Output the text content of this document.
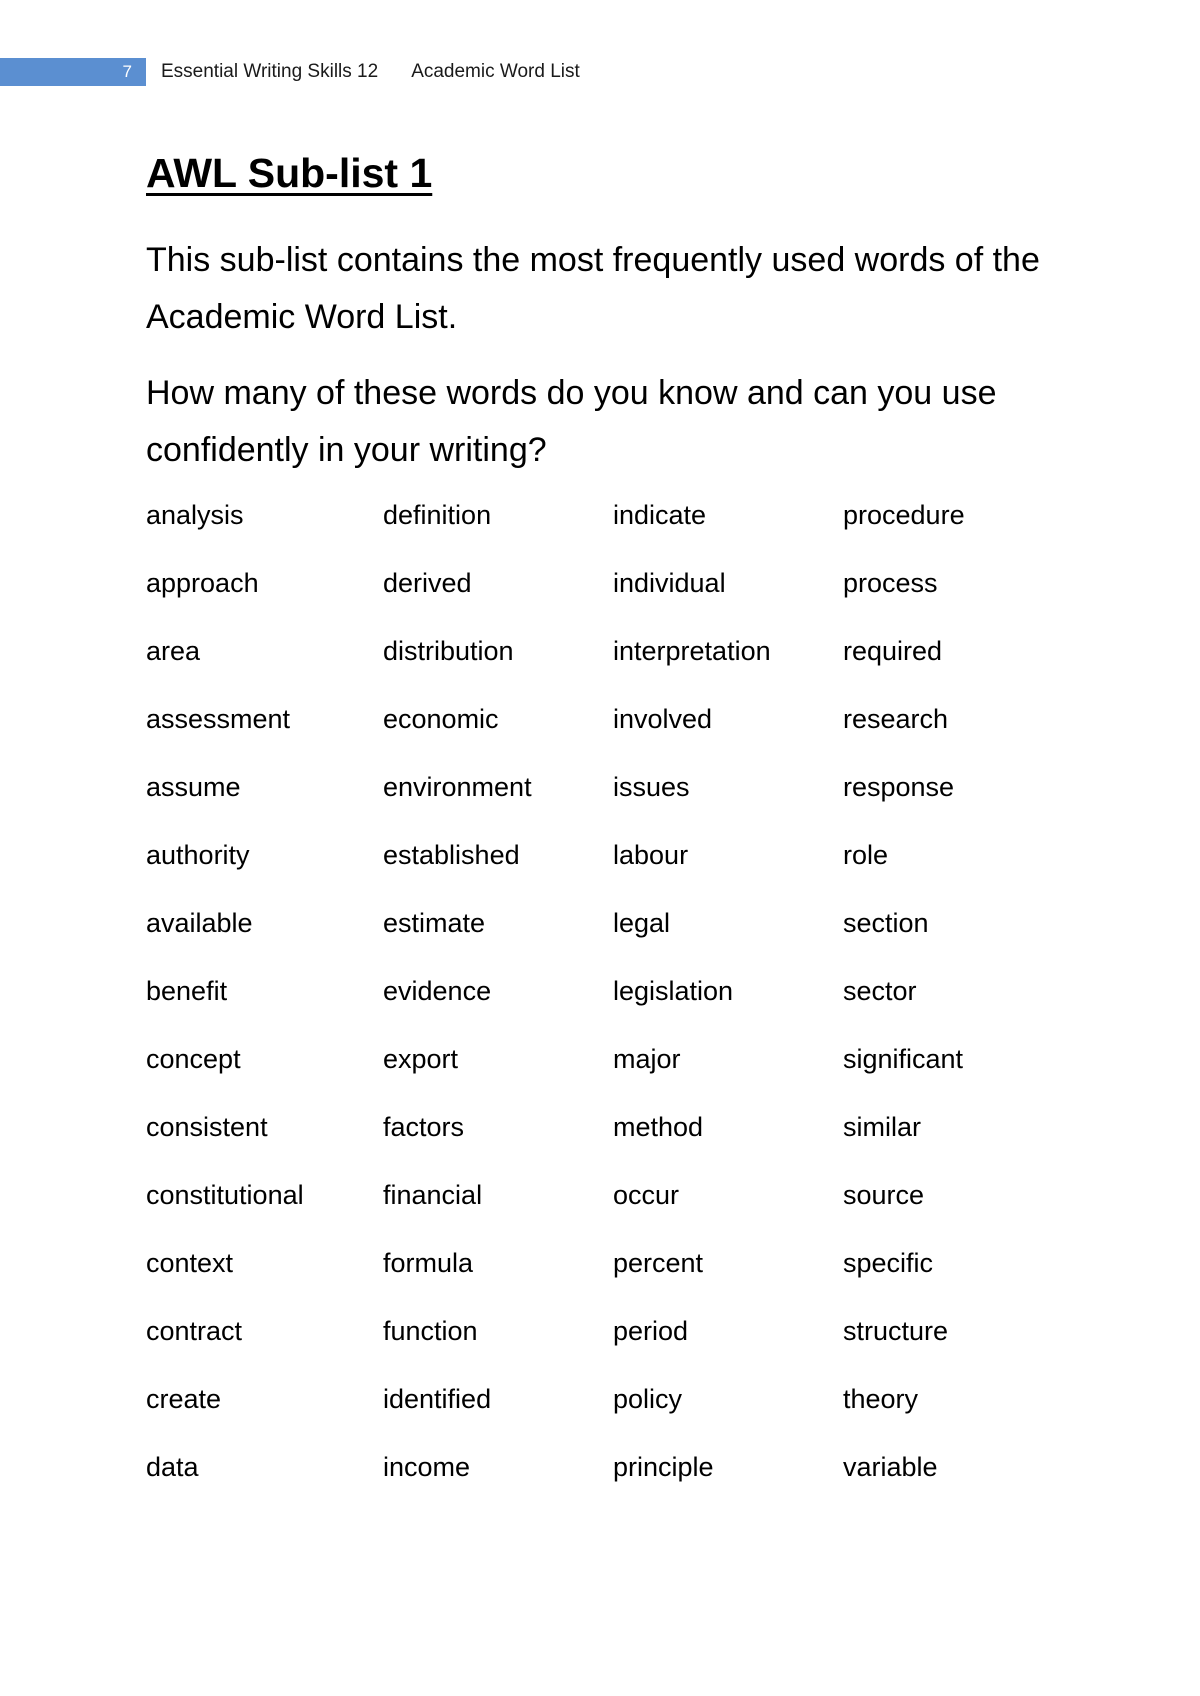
7	Essential Writing Skills 12 Academic Word List
AWL Sub-list 1

This sub-list contains the most frequently used words of the Academic Word List.

How many of these words do you know and can you use confidently in your writing?

analysis	definition	indicate	procedure
approach	derived	individual	process
area	distribution	interpretation	required
assessment	economic	involved	research
assume	environment	issues	response
authority	established	labour	role
available	estimate	legal	section
benefit	evidence	legislation	sector
concept	export	major	significant
consistent	factors	method	similar
constitutional	financial	occur	source
context	formula	percent	specific
contract	function	period	structure
create	identified	policy	theory
data	income	principle	variable
